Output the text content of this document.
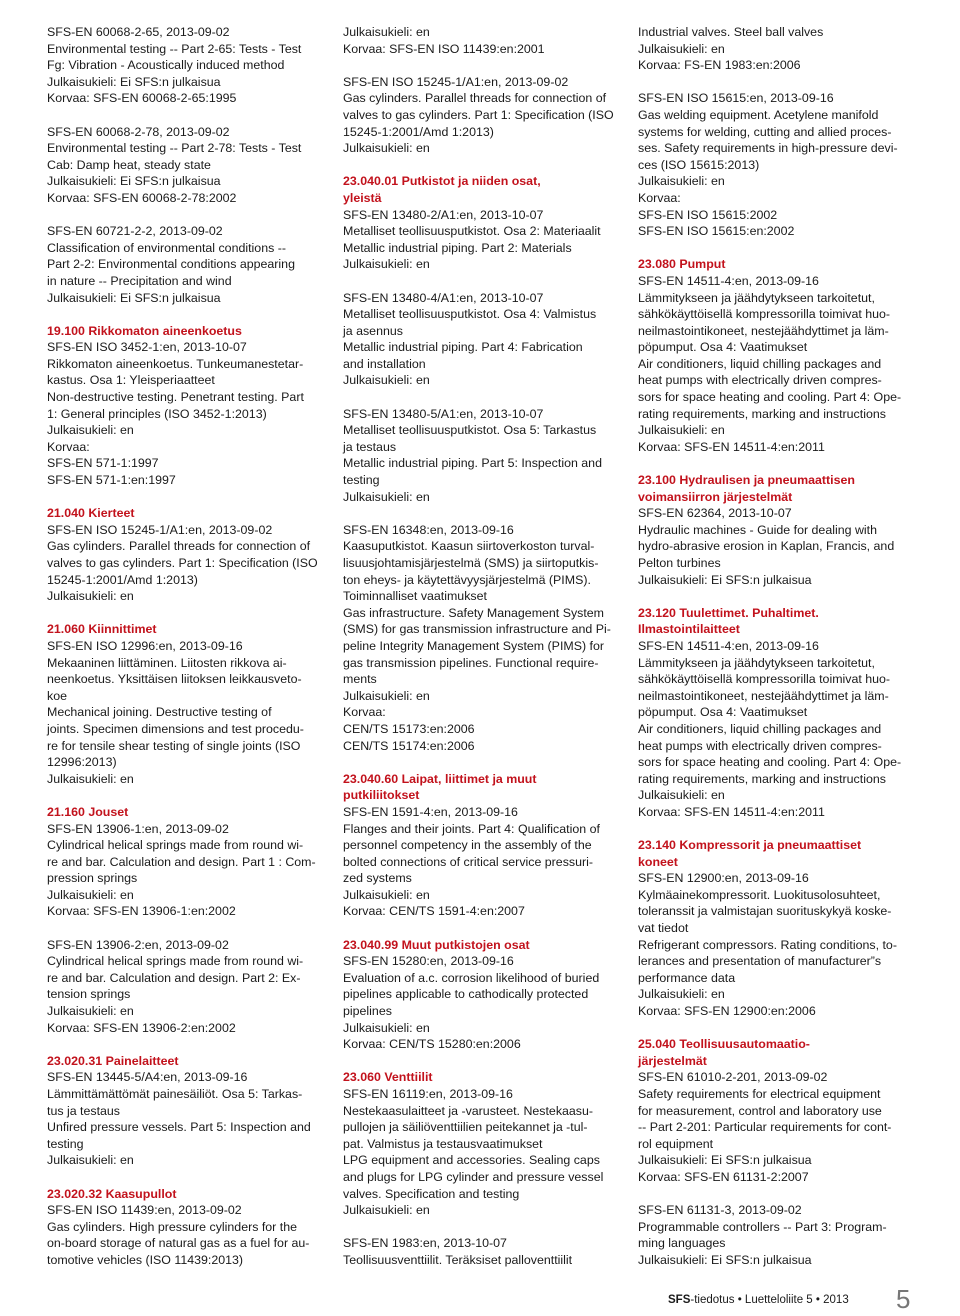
SFS-EN 60068-2-65, 2013-09-02
Environmental testing -- Part 2-65: Tests - Test
Fg: Vibration - Acoustically induced method
Julkaisukieli: Ei SFS:n julkaisua
Korvaa: SFS-EN 60068-2-65:1995
SFS-EN 60068-2-78, 2013-09-02
Environmental testing -- Part 2-78: Tests - Test
Cab: Damp heat, steady state
Julkaisukieli: Ei SFS:n julkaisua
Korvaa: SFS-EN 60068-2-78:2002
SFS-EN 60721-2-2, 2013-09-02
Classification of environmental conditions --
Part 2-2: Environmental conditions appearing
in nature -- Precipitation and wind
Julkaisukieli: Ei SFS:n julkaisua
19.100 Rikkomaton aineenkoetus
SFS-EN ISO 3452-1:en, 2013-10-07
Rikkomaton aineenkoetus. Tunkeumanestetar-
kastus. Osa 1: Yleisperiaatteet
Non-destructive testing. Penetrant testing. Part
1: General principles (ISO 3452-1:2013)
Julkaisukieli: en
Korvaa:
SFS-EN 571-1:1997
SFS-EN 571-1:en:1997
21.040 Kierteet
SFS-EN ISO 15245-1/A1:en, 2013-09-02
Gas cylinders. Parallel threads for connection of
valves to gas cylinders. Part 1: Specification (ISO
15245-1:2001/Amd 1:2013)
Julkaisukieli: en
21.060 Kiinnittimet
SFS-EN ISO 12996:en, 2013-09-16
Mekaaninen liittäminen. Liitosten rikkova ai-
neenkoetus. Yksittäisen liitoksen leikkausveto-
koe
Mechanical joining. Destructive testing of
joints. Specimen dimensions and test procedu-
re for tensile shear testing of single joints (ISO
12996:2013)
Julkaisukieli: en
21.160 Jouset
SFS-EN 13906-1:en, 2013-09-02
Cylindrical helical springs made from round wi-
re and bar. Calculation and design. Part 1 : Com-
pression springs
Julkaisukieli: en
Korvaa: SFS-EN 13906-1:en:2002
SFS-EN 13906-2:en, 2013-09-02
Cylindrical helical springs made from round wi-
re and bar. Calculation and design. Part 2: Ex-
tension springs
Julkaisukieli: en
Korvaa: SFS-EN 13906-2:en:2002
23.020.31 Painelaitteet
SFS-EN 13445-5/A4:en, 2013-09-16
Lämmittämättömät painesäiliöt. Osa 5: Tarkas-
tus ja testaus
Unfired pressure vessels. Part 5: Inspection and
testing
Julkaisukieli: en
23.020.32 Kaasupullot
SFS-EN ISO 11439:en, 2013-09-02
Gas cylinders. High pressure cylinders for the
on-board storage of natural gas as a fuel for au-
tomotive vehicles (ISO 11439:2013)
Julkaisukieli: en
Korvaa: SFS-EN ISO 11439:en:2001
SFS-EN ISO 15245-1/A1:en, 2013-09-02
Gas cylinders. Parallel threads for connection of
valves to gas cylinders. Part 1: Specification (ISO
15245-1:2001/Amd 1:2013)
Julkaisukieli: en
23.040.01 Putkistot ja niiden osat,
yleistä
SFS-EN 13480-2/A1:en, 2013-10-07
Metalliset teollisuusputkistot. Osa 2: Materiaalit
Metallic industrial piping. Part 2: Materials
Julkaisukieli: en
SFS-EN 13480-4/A1:en, 2013-10-07
Metalliset teollisuusputkistot. Osa 4: Valmistus
ja asennus
Metallic industrial piping. Part 4: Fabrication
and installation
Julkaisukieli: en
SFS-EN 13480-5/A1:en, 2013-10-07
Metalliset teollisuusputkistot. Osa 5: Tarkastus
ja testaus
Metallic industrial piping. Part 5: Inspection and
testing
Julkaisukieli: en
SFS-EN 16348:en, 2013-09-16
Kaasuputkistot. Kaasun siirtoverkoston turval-
lisuusjohtamisjärjestelmä (SMS) ja siirtoputkis-
ton eheys- ja käytettävyysjärjestelmä (PIMS).
Toiminnalliset vaatimukset
Gas infrastructure. Safety Management System
(SMS) for gas transmission infrastructure and Pi-
peline Integrity Management System (PIMS) for
gas transmission pipelines. Functional require-
ments
Julkaisukieli: en
Korvaa:
CEN/TS 15173:en:2006
CEN/TS 15174:en:2006
23.040.60 Laipat, liittimet ja muut
putkiliitokset
SFS-EN 1591-4:en, 2013-09-16
Flanges and their joints. Part 4: Qualification of
personnel competency in the assembly of the
bolted connections of critical service pressuri-
zed systems
Julkaisukieli: en
Korvaa: CEN/TS 1591-4:en:2007
23.040.99 Muut putkistojen osat
SFS-EN 15280:en, 2013-09-16
Evaluation of a.c. corrosion likelihood of buried
pipelines applicable to cathodically protected
pipelines
Julkaisukieli: en
Korvaa: CEN/TS 15280:en:2006
23.060 Venttiilit
SFS-EN 16119:en, 2013-09-16
Nestekaasulaitteet ja -varusteet. Nestekaasu-
pullojen ja säiliöventtiilien peitekannet ja -tul-
pat. Valmistus ja testausvaatimukset
LPG equipment and accessories. Sealing caps
and plugs for LPG cylinder and pressure vessel
valves. Specification and testing
Julkaisukieli: en
SFS-EN 1983:en, 2013-10-07
Teollisuusventtiilit. Teräksiset palloventtiilit
Industrial valves. Steel ball valves
Julkaisukieli: en
Korvaa: FS-EN 1983:en:2006
SFS-EN ISO 15615:en, 2013-09-16
Gas welding equipment. Acetylene manifold
systems for welding, cutting and allied proces-
ses. Safety requirements in high-pressure devi-
ces (ISO 15615:2013)
Julkaisukieli: en
Korvaa:
SFS-EN ISO 15615:2002
SFS-EN ISO 15615:en:2002
23.080 Pumput
SFS-EN 14511-4:en, 2013-09-16
Lämmitykseen ja jäähdytykseen tarkoitetut,
sähkökäyttöisellä kompressorilla toimivat huo-
neilmastointikoneet, nestejäähdyttimet ja läm-
pöpumput. Osa 4: Vaatimukset
Air conditioners, liquid chilling packages and
heat pumps with electrically driven compres-
sors for space heating and cooling. Part 4: Ope-
rating requirements, marking and instructions
Julkaisukieli: en
Korvaa: SFS-EN 14511-4:en:2011
23.100 Hydraulisen ja pneumaattisen
voimansiirron järjestelmät
SFS-EN 62364, 2013-10-07
Hydraulic machines - Guide for dealing with
hydro-abrasive erosion in Kaplan, Francis, and
Pelton turbines
Julkaisukieli: Ei SFS:n julkaisua
23.120 Tuulettimet. Puhaltimet.
Ilmastointilaitteet
SFS-EN 14511-4:en, 2013-09-16
Lämmitykseen ja jäähdytykseen tarkoitetut,
sähkökäyttöisellä kompressorilla toimivat huo-
neilmastointikoneet, nestejäähdyttimet ja läm-
pöpumput. Osa 4: Vaatimukset
Air conditioners, liquid chilling packages and
heat pumps with electrically driven compres-
sors for space heating and cooling. Part 4: Ope-
rating requirements, marking and instructions
Julkaisukieli: en
Korvaa: SFS-EN 14511-4:en:2011
23.140 Kompressorit ja pneumaattiset
koneet
SFS-EN 12900:en, 2013-09-16
Kylmäainekompressorit. Luokitusolosuhteet,
toleranssit ja valmistajan suorituskykyä koske-
vat tiedot
Refrigerant compressors. Rating conditions, to-
lerances and presentation of manufacturer”s
performance data
Julkaisukieli: en
Korvaa: SFS-EN 12900:en:2006
25.040 Teollisuusautomaatio-
järjestelmät
SFS-EN 61010-2-201, 2013-09-02
Safety requirements for electrical equipment
for measurement, control and laboratory use
-- Part 2-201: Particular requirements for cont-
rol equipment
Julkaisukieli: Ei SFS:n julkaisua
Korvaa: SFS-EN 61131-2:2007
SFS-EN 61131-3, 2013-09-02
Programmable controllers -- Part 3: Program-
ming languages
Julkaisukieli: Ei SFS:n julkaisua
SFS-tiedotus • Luetteloliite 5 • 2013 5
